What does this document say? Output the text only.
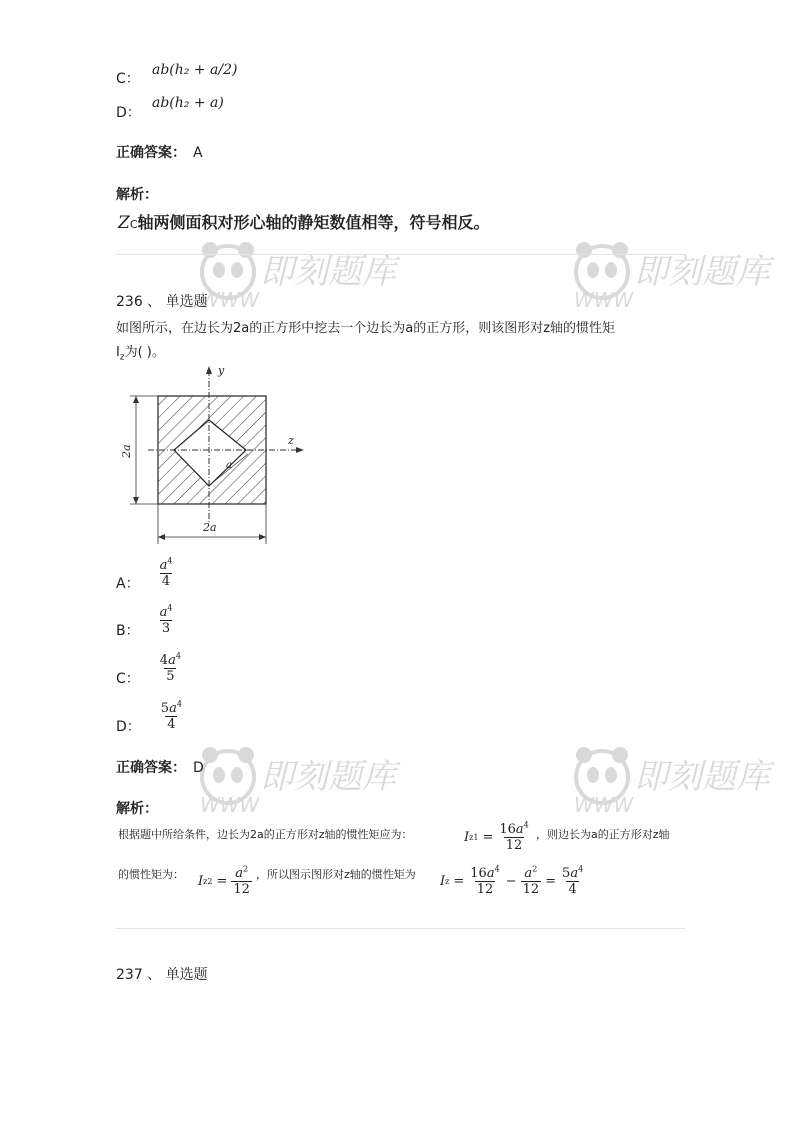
即刻题库
WWW
即刻题库
WWW
即刻题库
WWW
即刻题库
WWW
C：
ab(h₂ + a/2)
D：
ab(h₂ + a)
正确答案： A
解析：
ZC轴两侧面积对形心轴的静矩数值相等，符号相反。
236 、 单选题
如图所示，在边长为2a的正方形中挖去一个边长为a的正方形，则该图形对z轴的惯性矩
$I_z$为( )。
y
z
2a
2a
a
A： $\frac{a^4}{4}$
B： $\frac{a^4}{3}$
C： $\frac{4a^4}{5}$
D： $\frac{5a^4}{4}$
正确答案： D
解析：
根据题中所给条件，边长为2a的正方形对z轴的惯性矩应为：	I $z1 = \frac{16a^4}{12}$ ，则边长为a的正方形对z轴
的惯性矩为： I $z2 = \frac{a^2}{12}$ ，所以图示图形对z轴的惯性矩为 I $z = \frac{16a^4}{12} - \frac{a^2}{12} = \frac{5a^4}{4}$
237 、 单选题
